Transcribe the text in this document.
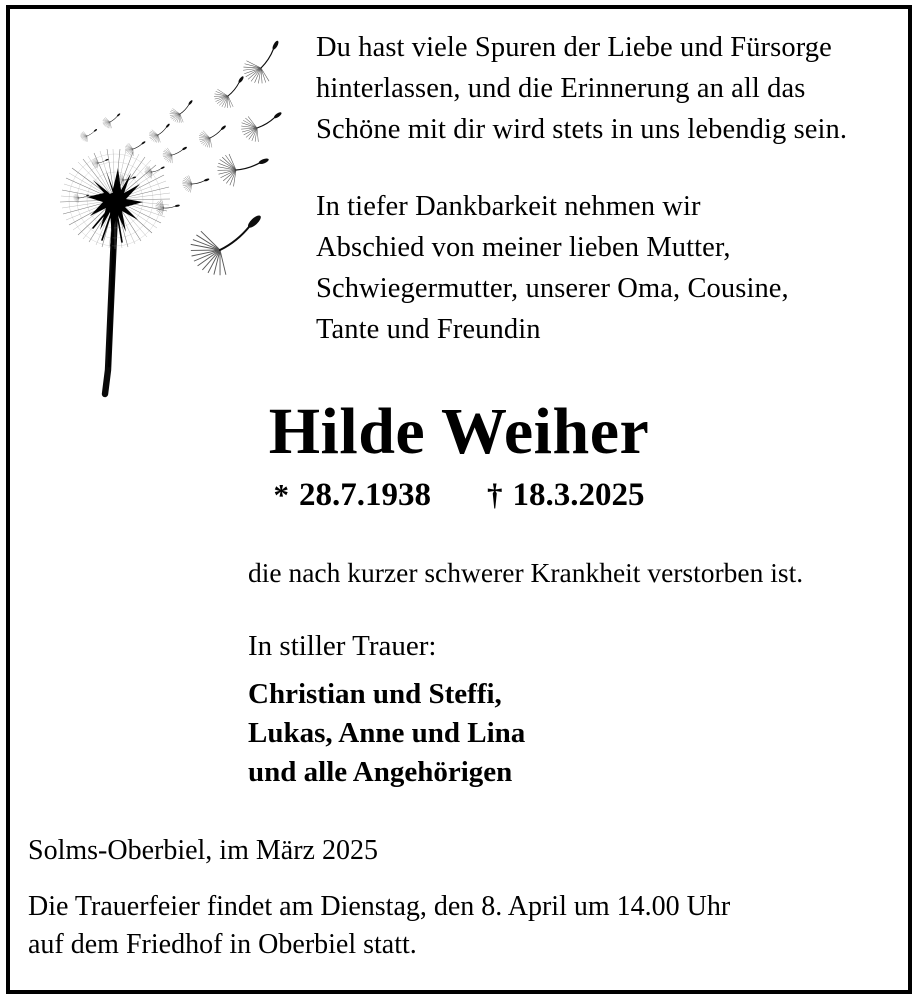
Du hast viele Spuren der Liebe und Fürsorge

hinterlassen, und die Erinnerung an all das

Schöne mit dir wird stets in uns lebendig sein.

In tiefer Dankbarkeit nehmen wir

Abschied von meiner lieben Mutter,

Schwiegermutter, unserer Oma, Cousine,

Tante und Freundin

Hilde Weiher
* 28.7.1938 † 18.3.2025
die nach kurzer schwerer Krankheit verstorben ist.
In stiller Trauer:
Christian und Steffi,
Lukas, Anne und Lina
und alle Angehörigen
Solms-Oberbiel, im März 2025
Die Trauerfeier findet am Dienstag, den 8. April um 14.00 Uhr
auf dem Friedhof in Oberbiel statt.
